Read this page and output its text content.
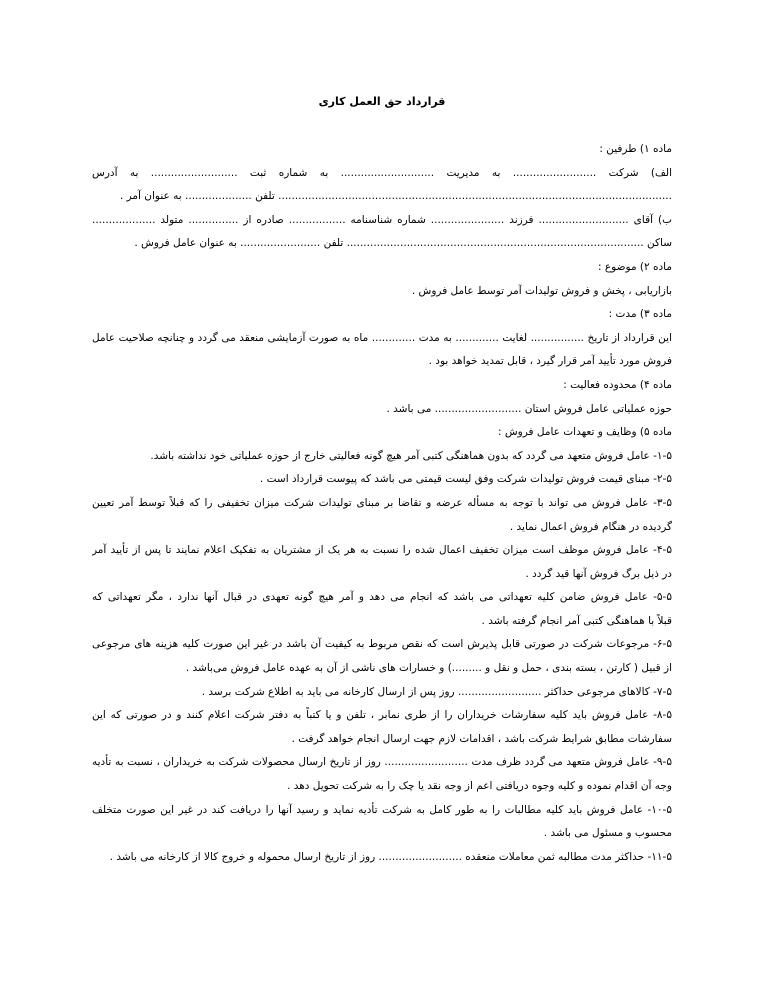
قرارداد حق العمل کاری

ماده ۱) طرفین :

الف) شرکت ......................... به مدیریت ............................ به شماره ثبت .......................... به آدرس

...................................................................................................................... تلفن .................... به عنوان آمر .

ب) آقای ........................... فرزند ...................... شماره شناسنامه ................. صادره از ............... متولد ...................

ساکن ......................................................................................... تلفن ........................ به عنوان عامل فروش .

ماده ۲) موضوع :

بازاریابی ، پخش و فروش تولیدات آمر توسط عامل فروش .

ماده ۳) مدت :

این قرارداد از تاریخ ................ لغایت ............. به مدت ............. ماه به صورت آزمایشی منعقد می گردد و چنانچه صلاحیت عامل

فروش مورد تأیید آمر قرار گیرد ، قابل تمدید خواهد بود .

ماده ۴) محدوده فعالیت :

حوزه عملیاتی عامل فروش استان .......................... می باشد .

ماده ۵) وظایف و تعهدات عامل فروش :

۱-۵- عامل فروش متعهد می گردد که بدون هماهنگی کتبی آمر هیچ گونه فعالیتی خارج از حوزه عملیاتی خود نداشته باشد.

۲-۵- مبنای قیمت فروش تولیدات شرکت وفق لیست قیمتی می باشد که پیوست قرارداد است .

۳-۵- عامل فروش می تواند با توجه به مسأله عرضه و تقاضا بر مبنای تولیدات شرکت میزان تخفیفی را که قبلاً توسط آمر تعیین

گردیده در هنگام فروش اعمال نماید .

۴-۵- عامل فروش موظف است میزان تخفیف اعمال شده را نسبت به هر یک از مشتریان به تفکیک اعلام نمایند تا پس از تأیید آمر

در ذیل برگ فروش آنها قید گردد .

۵-۵- عامل فروش ضامن کلیه تعهداتی می باشد که انجام می دهد و آمر هیچ گونه تعهدی در قبال آنها ندارد ، مگر تعهداتی که

قبلاً با هماهنگی کتبی آمر انجام گرفته باشد .

۶-۵- مرجوعات شرکت در صورتی قابل پذیرش است که نقص مربوط به کیفیت آن باشد در غیر این صورت کلیه هزینه های مرجوعی

از قبیل ( کارتن ، بسته بندی ، حمل و نقل و .........) و خسارات های ناشی از آن به عهده عامل فروش می‌باشد .

۷-۵- کالاهای مرجوعی حداکثر ......................... روز پس از ارسال کارخانه می باید به اطلاع شرکت برسد .

۸-۵- عامل فروش باید کلیه سفارشات خریداران را از طری نمابر ، تلفن و یا کتباً به دفتر شرکت اعلام کنند و در صورتی که این

سفارشات مطابق شرایط شرکت باشد ، اقدامات لازم جهت ارسال انجام خواهد گرفت .

۹-۵- عامل فروش متعهد می گردد ظرف مدت ......................... روز از تاریخ ارسال محصولات شرکت به خریداران ، نسبت به تأدیه

وجه آن اقدام نموده و کلیه وجوه دریافتی اعم از وجه نقد یا چک را به شرکت تحویل دهد .

۱۰-۵- عامل فروش باید کلیه مطالبات را به طور کامل به شرکت تأدیه نماید و رسید آنها را دریافت کند در غیر این صورت متخلف

محسوب و مسئول می باشد .

۱۱-۵- حداکثر مدت مطالبه ثمن معاملات منعقده ......................... روز از تاریخ ارسال محموله و خروج کالا از کارخانه می باشد .
